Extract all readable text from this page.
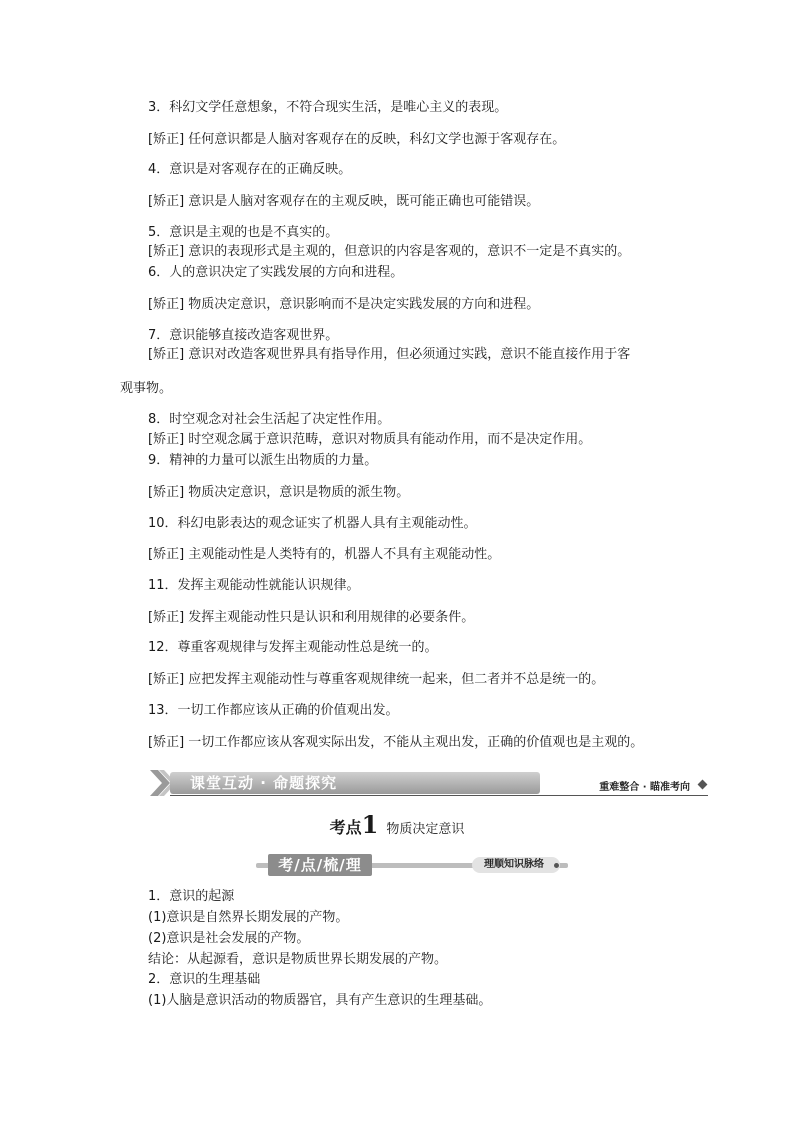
3．科幻文学任意想象，不符合现实生活，是唯心主义的表现。
[矫正] 任何意识都是人脑对客观存在的反映，科幻文学也源于客观存在。
4．意识是对客观存在的正确反映。
[矫正] 意识是人脑对客观存在的主观反映，既可能正确也可能错误。
5．意识是主观的也是不真实的。
[矫正] 意识的表现形式是主观的，但意识的内容是客观的，意识不一定是不真实的。
6．人的意识决定了实践发展的方向和进程。
[矫正] 物质决定意识，意识影响而不是决定实践发展的方向和进程。
7．意识能够直接改造客观世界。
[矫正] 意识对改造客观世界具有指导作用，但必须通过实践，意识不能直接作用于客
观事物。
8．时空观念对社会生活起了决定性作用。
[矫正] 时空观念属于意识范畴，意识对物质具有能动作用，而不是决定作用。
9．精神的力量可以派生出物质的力量。
[矫正] 物质决定意识，意识是物质的派生物。
10．科幻电影表达的观念证实了机器人具有主观能动性。
[矫正] 主观能动性是人类特有的，机器人不具有主观能动性。
11．发挥主观能动性就能认识规律。
[矫正] 发挥主观能动性只是认识和利用规律的必要条件。
12．尊重客观规律与发挥主观能动性总是统一的。
[矫正] 应把发挥主观能动性与尊重客观规律统一起来，但二者并不总是统一的。
13．一切工作都应该从正确的价值观出发。
[矫正] 一切工作都应该从客观实际出发，不能从主观出发，正确的价值观也是主观的。
课堂互动 · 命题探究	重难整合 · 瞄准考向
考点1 物质决定意识
考/点/梳/理	理顺知识脉络
1．意识的起源
(1)意识是自然界长期发展的产物。
(2)意识是社会发展的产物。
结论：从起源看，意识是物质世界长期发展的产物。
2．意识的生理基础
(1)人脑是意识活动的物质器官，具有产生意识的生理基础。
